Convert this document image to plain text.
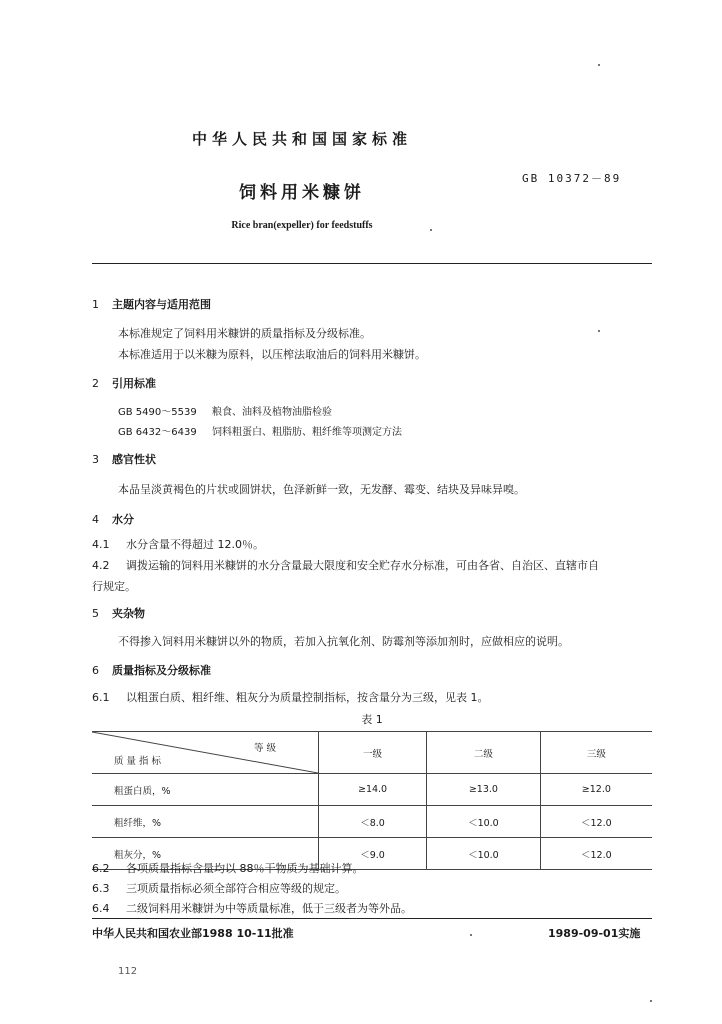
中华人民共和国国家标准
GB 10372－89
饲料用米糠饼
Rice bran(expeller) for feedstuffs
1 主题内容与适用范围
本标准规定了饲料用米糠饼的质量指标及分级标准。
本标准适用于以米糠为原料，以压榨法取油后的饲料用米糠饼。
2 引用标准
GB 5490～5539 粮食、油料及植物油脂检验
GB 6432～6439 饲料粗蛋白、粗脂肪、粗纤维等项测定方法
3 感官性状
本品呈淡黄褐色的片状或圆饼状，色泽新鲜一致，无发酵、霉变、结块及异味异嗅。
4 水分
4.1 水分含量不得超过 12.0％。
4.2 调拨运输的饲料用米糠饼的水分含量最大限度和安全贮存水分标准，可由各省、自治区、直辖市自
行规定。
5 夹杂物
不得掺入饲料用米糠饼以外的物质，若加入抗氧化剂、防霉剂等添加剂时，应做相应的说明。
6 质量指标及分级标准
6.1 以粗蛋白质、粗纤维、粗灰分为质量控制指标，按含量分为三级，见表 1。
表 1
等 级
质 量 指 标	一级	二级	三级
粗蛋白质，%	≥14.0	≥13.0	≥12.0
粗纤维，%	＜8.0	＜10.0	＜12.0
粗灰分，%	＜9.0	＜10.0	＜12.0
6.2 各项质量指标含量均以 88％干物质为基础计算。
6.3 三项质量指标必须全部符合相应等级的规定。
6.4 二级饲料用米糠饼为中等质量标准，低于三级者为等外品。
中华人民共和国农业部1988 10-11批准	1989-09-01实施
112
